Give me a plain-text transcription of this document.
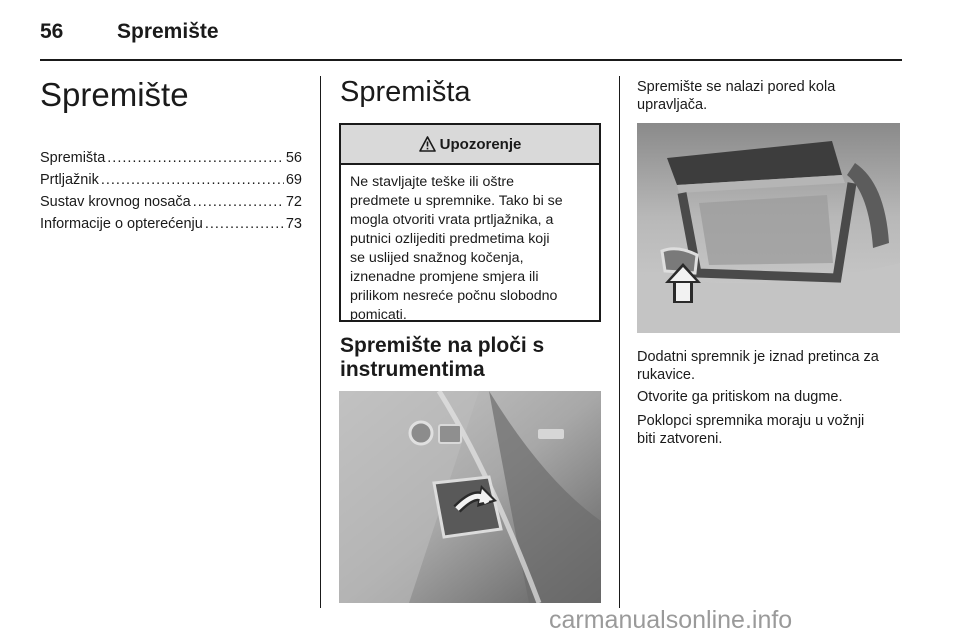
56	Spremište
Spremište
Spremišta .....	56
Prtljažnik .....	69
Sustav krovnog nosača .....	72
Informacije o opterećenju .....	73
Spremišta
Upozorenje
Ne stavljajte teške ili oštre
predmete u spremnike. Tako bi se
mogla otvoriti vrata prtljažnika, a
putnici ozlijediti predmetima koji
se uslijed snažnog kočenja,
iznenadne promjene smjera ili
prilikom nesreće počnu slobodno
pomicati.
Spremište na ploči s
instrumentima
Spremište se nalazi pored kola
upravljača.
Dodatni spremnik je iznad pretinca za
rukavice.
Otvorite ga pritiskom na dugme.
Poklopci spremnika moraju u vožnji
biti zatvoreni.
carmanualsonline.info
